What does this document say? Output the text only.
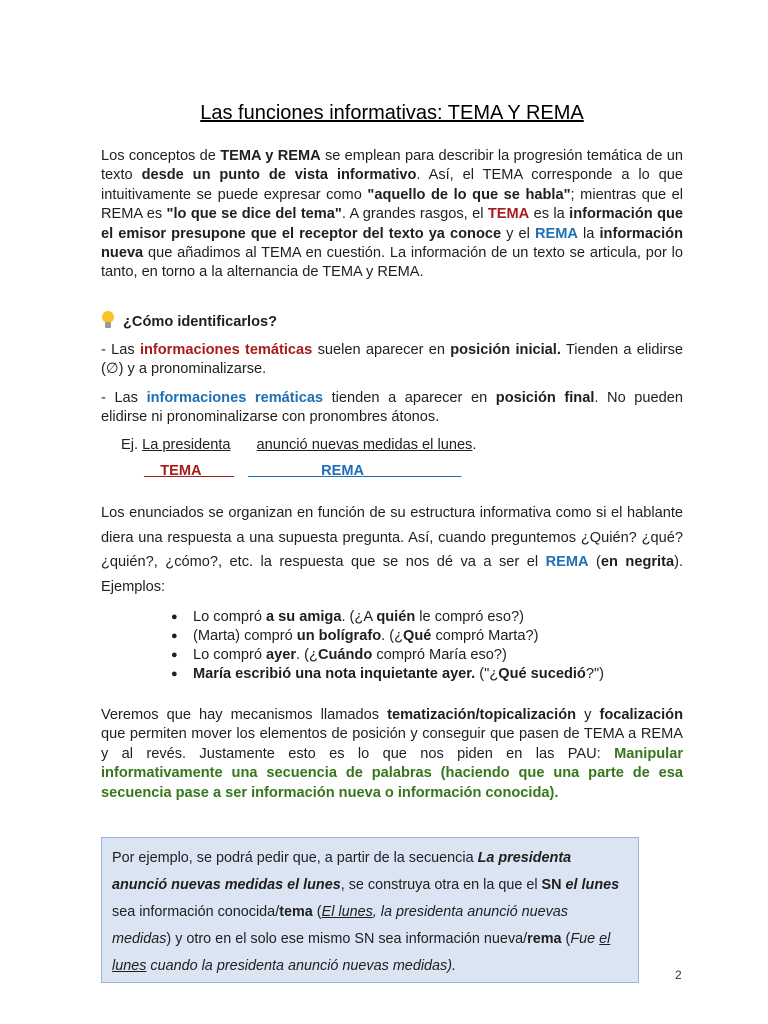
Las funciones informativas: TEMA Y REMA

Los conceptos de TEMA y REMA se emplean para describir la progresión temática de un texto desde un punto de vista informativo. Así, el TEMA corresponde a lo que intuitivamente se puede expresar como "aquello de lo que se habla"; mientras que el REMA es "lo que se dice del tema". A grandes rasgos, el TEMA es la información que el emisor presupone que el receptor del texto ya conoce y el REMA la información nueva que añadimos al TEMA en cuestión. La información de un texto se articula, por lo tanto, en torno a la alternancia de TEMA y REMA.

¿Cómo identificarlos?

- Las informaciones temáticas suelen aparecer en posición inicial. Tienden a elidirse (∅) y a pronominalizarse.

- Las informaciones remáticas tienden a aparecer en posición final. No pueden elidirse ni pronominalizarse con pronombres átonos.

Ej. La presidenta anunció nuevas medidas el lunes.

__TEMA____ _________REMA____________

Los enunciados se organizan en función de su estructura informativa como si el hablante diera una respuesta a una supuesta pregunta. Así, cuando preguntemos ¿Quién? ¿qué? ¿quién?, ¿cómo?, etc. la respuesta que se nos dé va a ser el REMA (en negrita). Ejemplos:

● Lo compró a su amiga. (¿A quién le compró eso?)
● (Marta) compró un bolígrafo. (¿Qué compró Marta?)
● Lo compró ayer. (¿Cuándo compró María eso?)
● María escribió una nota inquietante ayer. ("¿Qué sucedió?")

Veremos que hay mecanismos llamados tematización/topicalización y focalización que permiten mover los elementos de posición y conseguir que pasen de TEMA a REMA y al revés. Justamente esto es lo que nos piden en las PAU: Manipular informativamente una secuencia de palabras (haciendo que una parte de esa secuencia pase a ser información nueva o información conocida).

Por ejemplo, se podrá pedir que, a partir de la secuencia La presidenta anunció nuevas medidas el lunes, se construya otra en la que el SN el lunes sea información conocida/tema (El lunes, la presidenta anunció nuevas medidas) y otro en el solo ese mismo SN sea información nueva/rema (Fue el lunes cuando la presidenta anunció nuevas medidas).

2
